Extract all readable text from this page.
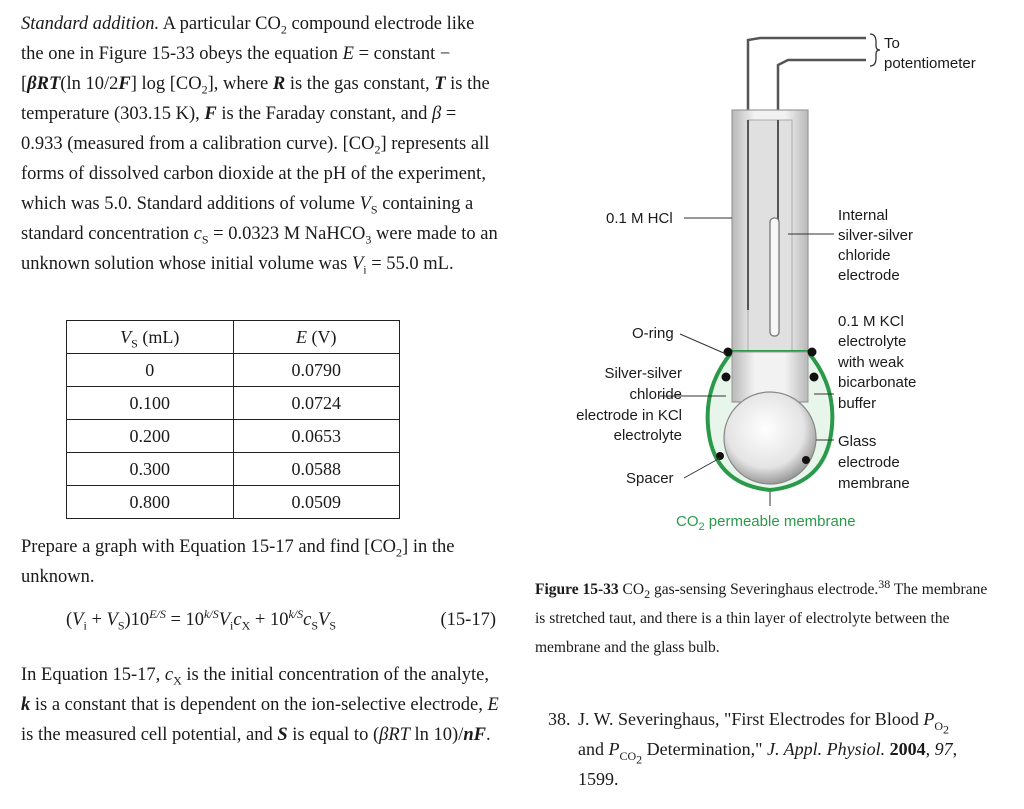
Standard addition. A particular $CO_2$ compound electrode like the one in Figure 15-33 obeys the equation E = constant − [βRT(ln 10/2F] $\log [CO_2]$, where R is the gas constant, T is the temperature (303.15 K), F is the Faraday constant, and β = 0.933 (measured from a calibration curve). $[CO_2]$ represents all forms of dissolved carbon dioxide at the pH of the experiment, which was 5.0. Standard additions of volume $V_S$ containing a standard concentration $c_S = 0.0323$ M NaHCO$_3$ were made to an unknown solution whose initial volume was $V_i = 55.0$ mL.

$V_S$ (mL)	E (V)
0	0.0790
0.100	0.0724
0.200	0.0653
0.300	0.0588
0.800	0.0509

Prepare a graph with Equation 15-17 and find $[CO_2]$ in the unknown.

$(V_i + V_S)10^{E/S} = 10^{k/S}V_ic_X + 10^{k/S}c_SV_S$	(15-17)

In Equation 15-17, $c_X$ is the initial concentration of the analyte, k is a constant that is dependent on the ion-selective electrode, E is the measured cell potential, and S is equal to (βRT ln 10)/nF.

To
potentiometer
0.1 M HCl	Internal
silver-silver
chloride
electrode
O-ring
0.1 M KCl
electrolyte
with weak
bicarbonate
buffer
Silver-silver
chloride
electrode in KCl
electrolyte	Glass
electrode
membrane
Spacer
$CO_2$ permeable membrane
Figure 15-33 $CO_2$ gas-sensing Severinghaus electrode.$^{38}$ The membrane is stretched taut, and there is a thin layer of electrolyte between the membrane and the glass bulb.
38. J. W. Severinghaus, "First Electrodes for Blood $P_{O_2}$
and $P_{CO_2}$ Determination," J. Appl. Physiol. 2004, 97,
1599.
